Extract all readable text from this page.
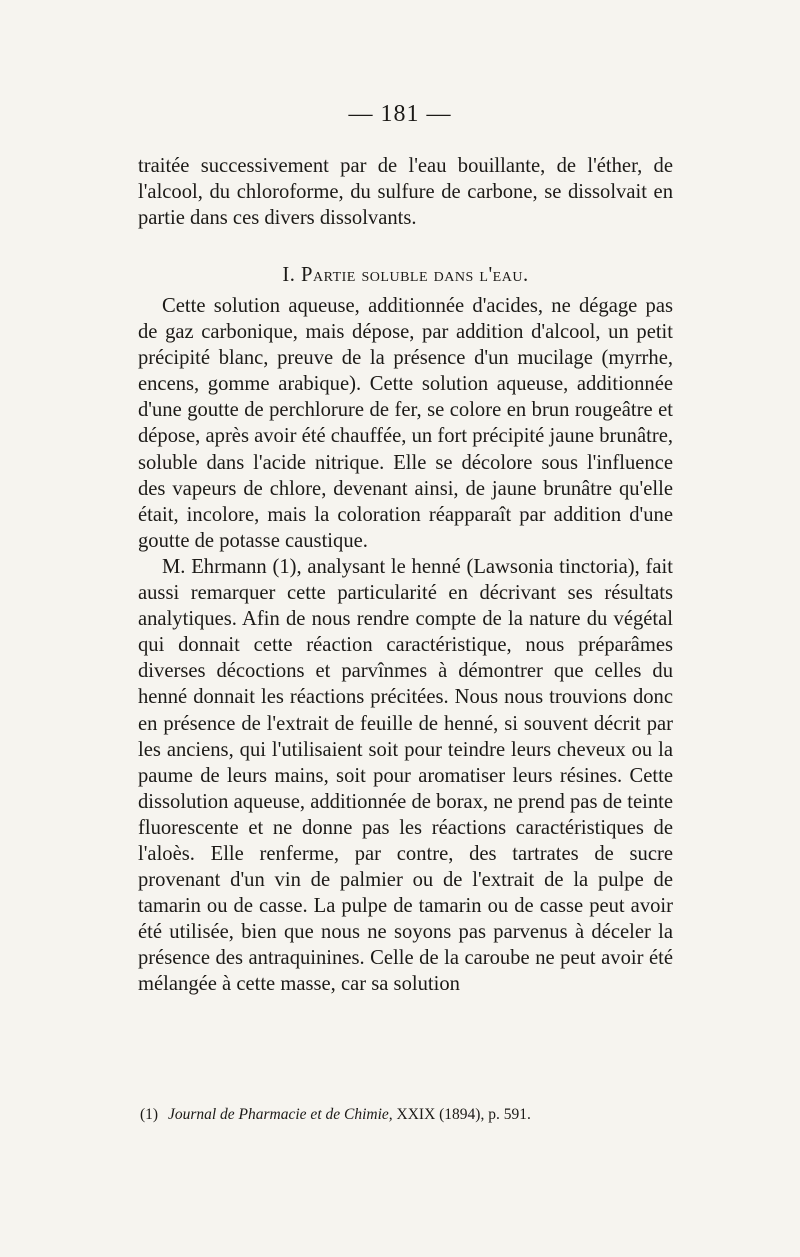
— 181 —

traitée successivement par de l'eau bouillante, de l'éther, de l'alcool, du chloroforme, du sulfure de carbone, se dissolvait en partie dans ces divers dissolvants.

I. Partie soluble dans l'eau.

Cette solution aqueuse, additionnée d'acides, ne dégage pas de gaz carbonique, mais dépose, par addition d'alcool, un petit précipité blanc, preuve de la présence d'un mucilage (myrrhe, encens, gomme arabique). Cette solution aqueuse, additionnée d'une goutte de perchlorure de fer, se colore en brun rougeâtre et dépose, après avoir été chauffée, un fort précipité jaune brunâtre, soluble dans l'acide nitrique. Elle se décolore sous l'influence des vapeurs de chlore, devenant ainsi, de jaune brunâtre qu'elle était, incolore, mais la coloration réapparaît par addition d'une goutte de potasse caustique.

M. Ehrmann (1), analysant le henné (Lawsonia tinctoria), fait aussi remarquer cette particularité en décrivant ses résultats analytiques. Afin de nous rendre compte de la nature du végétal qui donnait cette réaction caractéristique, nous préparâmes diverses décoctions et parvînmes à démontrer que celles du henné donnait les réactions précitées. Nous nous trouvions donc en présence de l'extrait de feuille de henné, si souvent décrit par les anciens, qui l'utilisaient soit pour teindre leurs cheveux ou la paume de leurs mains, soit pour aromatiser leurs résines. Cette dissolution aqueuse, additionnée de borax, ne prend pas de teinte fluorescente et ne donne pas les réactions caractéristiques de l'aloès. Elle renferme, par contre, des tartrates de sucre provenant d'un vin de palmier ou de l'extrait de la pulpe de tamarin ou de casse. La pulpe de tamarin ou de casse peut avoir été utilisée, bien que nous ne soyons pas parvenus à déceler la présence des antraquinines. Celle de la caroube ne peut avoir été mélangée à cette masse, car sa solution

(1) Journal de Pharmacie et de Chimie, XXIX (1894), p. 591.
